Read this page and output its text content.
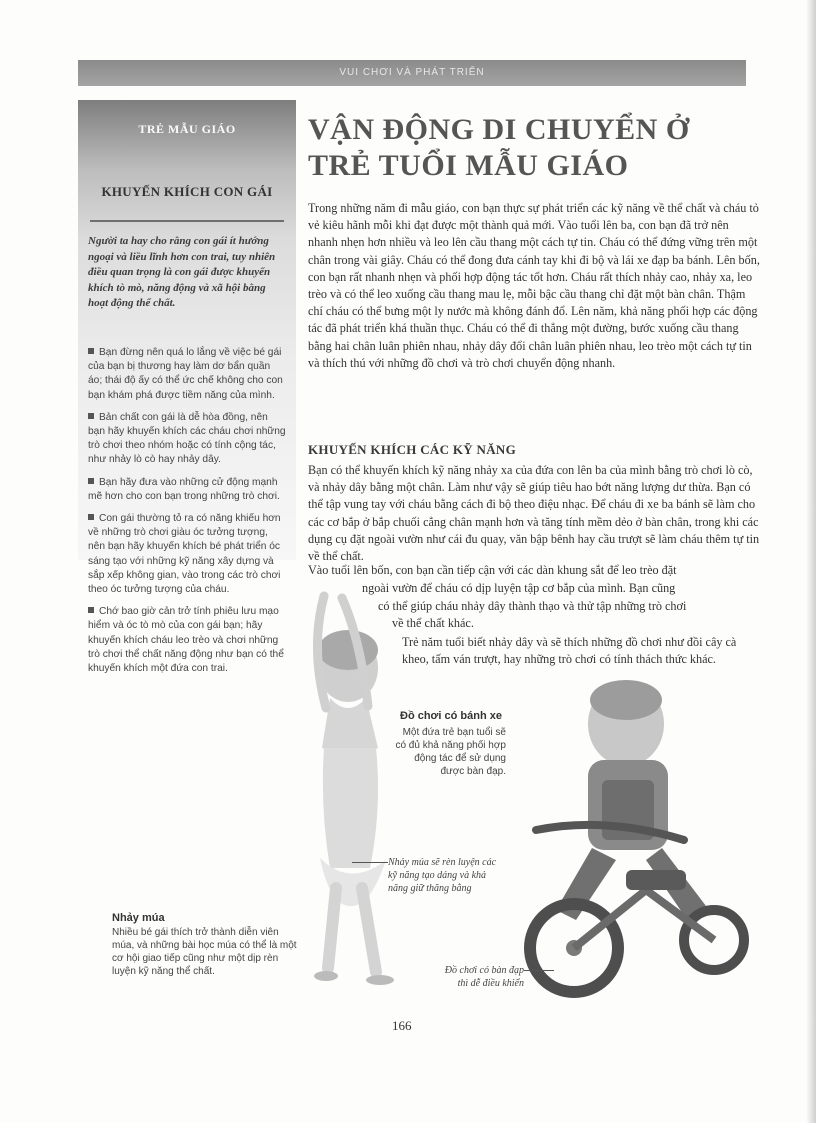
VUI CHƠI VÀ PHÁT TRIỂN
TRẺ MẪU GIÁO
KHUYẾN KHÍCH CON GÁI

Người ta hay cho rằng con gái ít hướng ngoại và liều lĩnh hơn con trai, tuy nhiên điều quan trọng là con gái được khuyến khích tò mò, năng động và xã hội bằng hoạt động thể chất.

Bạn đừng nên quá lo lắng về việc bé gái của bạn bị thương hay làm dơ bẩn quần áo; thái độ ấy có thể ức chế không cho con bạn khám phá được tiềm năng của mình.

Bản chất con gái là dễ hòa đồng, nên bạn hãy khuyến khích các cháu chơi những trò chơi theo nhóm hoặc có tính cộng tác, như nhảy lò cò hay nhảy dây.

Bạn hãy đưa vào những cử động mạnh mẽ hơn cho con bạn trong những trò chơi.

Con gái thường tỏ ra có năng khiếu hơn về những trò chơi giàu óc tưởng tượng, nên bạn hãy khuyến khích bé phát triển óc sáng tạo với những kỹ năng xây dựng và sắp xếp không gian, vào trong các trò chơi theo óc tưởng tượng của cháu.

Chớ bao giờ cản trở tính phiêu lưu mạo hiểm và óc tò mò của con gái bạn; hãy khuyến khích cháu leo trèo và chơi những trò chơi thể chất năng động như bạn có thể khuyến khích một đứa con trai.

VẬN ĐỘNG DI CHUYỂN Ở
TRẺ TUỔI MẪU GIÁO

Trong những năm đi mẫu giáo, con bạn thực sự phát triển các kỹ năng về thể chất và cháu tỏ vẻ kiêu hãnh mỗi khi đạt được một thành quả mới. Vào tuổi lên ba, con bạn đã trở nên nhanh nhẹn hơn nhiều và leo lên cầu thang một cách tự tin. Cháu có thể đứng vững trên một chân trong vài giây. Cháu có thể đong đưa cánh tay khi đi bộ và lái xe đạp ba bánh. Lên bốn, con bạn rất nhanh nhẹn và phối hợp động tác tốt hơn. Cháu rất thích nhảy cao, nhảy xa, leo trèo và có thể leo xuống cầu thang mau lẹ, mỗi bậc cầu thang chỉ đặt một bàn chân. Thậm chí cháu có thể bưng một ly nước mà không đánh đổ. Lên năm, khả năng phối hợp các động tác đã phát triển khá thuần thục. Cháu có thể đi thẳng một đường, bước xuống cầu thang bằng hai chân luân phiên nhau, nhảy dây đổi chân luân phiên nhau, leo trèo một cách tự tin và thích thú với những đồ chơi và trò chơi chuyển động nhanh.

KHUYẾN KHÍCH CÁC KỸ NĂNG

Bạn có thể khuyến khích kỹ năng nhảy xa của đứa con lên ba của mình bằng trò chơi lò cò, và nhảy dây bằng một chân. Làm như vậy sẽ giúp tiêu hao bớt năng lượng dư thừa. Bạn có thể tập vung tay với cháu bằng cách đi bộ theo điệu nhạc. Để cháu đi xe ba bánh sẽ làm cho các cơ bắp ở bắp chuối cẳng chân mạnh hơn và tăng tính mềm dẻo ở bàn chân, trong khi các dụng cụ đặt ngoài vườn như cái đu quay, văn bập bênh hay cầu trượt sẽ làm cháu thêm tự tin về thể chất.

Vào tuổi lên bốn, con bạn cần tiếp cận với các dàn khung sắt để leo trèo đặt
ngoài vườn để cháu có dịp luyện tập cơ bắp của mình. Bạn cũng
có thể giúp cháu nhảy dây thành thạo và thử tập những trò chơi
về thể chất khác.

Trẻ năm tuổi biết nhảy dây và sẽ thích những đồ chơi như đồi cây cà kheo, tấm ván trượt, hay những trò chơi có tính thách thức khác.

Đồ chơi có bánh xe

Một đứa trẻ bạn tuổi sẽ có đủ khả năng phối hợp động tác để sử dụng được bàn đạp.

Nhảy múa sẽ rèn luyện các kỹ năng tạo dáng và khả năng giữ thăng bằng

Nhảy múa

Nhiều bé gái thích trở thành diễn viên múa, và những bài học múa có thể là một cơ hội giao tiếp cũng như một dịp rèn luyện kỹ năng thể chất.	Đồ chơi có bàn đạp thì dễ điều khiển

166
